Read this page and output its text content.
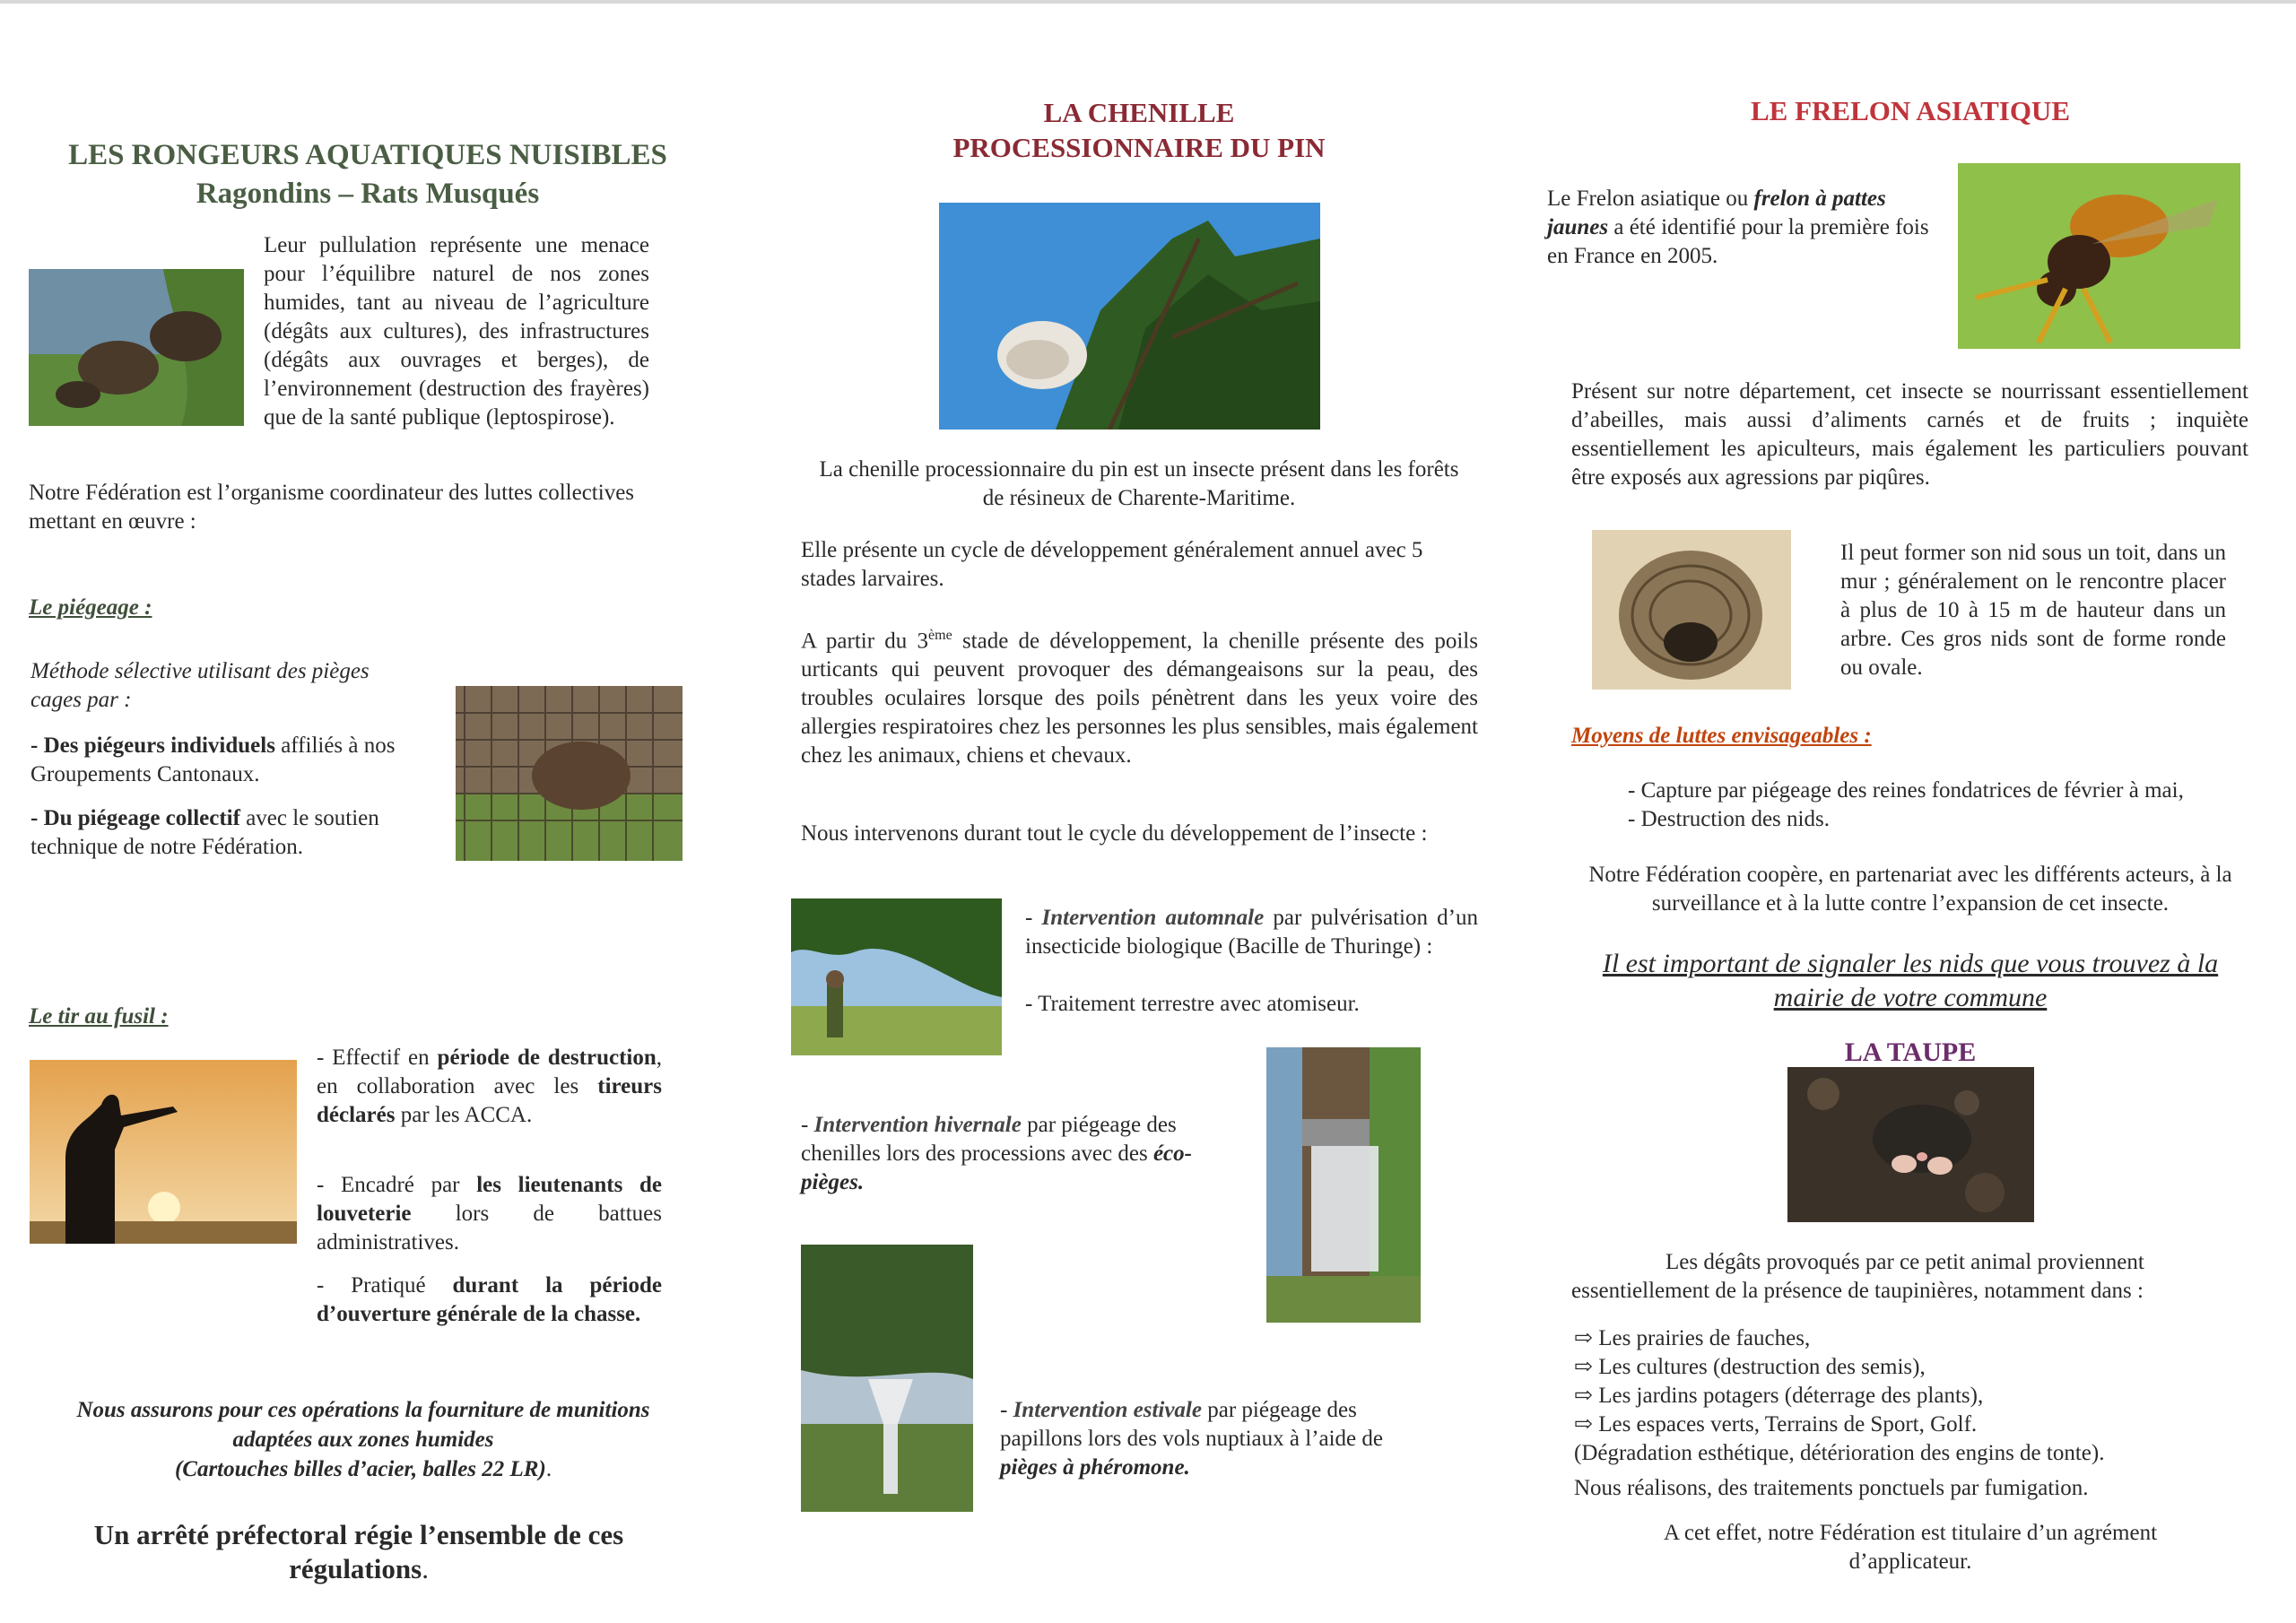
LES RONGEURS AQUATIQUES NUISIBLES
Ragondins – Rats Musqués
Leur pullulation représente une menace pour l’équilibre naturel de nos zones humides, tant au niveau de l’agriculture (dégâts aux cultures), des infrastructures (dégâts aux ouvrages et berges), de l’environnement (destruction des frayères) que de la santé publique (leptospirose).
Notre Fédération est l’organisme coordinateur des luttes collectives mettant en œuvre :
Le piégeage :
Méthode sélective utilisant des pièges cages par :
- Des piégeurs individuels affiliés à nos Groupements Cantonaux.
- Du piégeage collectif avec le soutien technique de notre Fédération.
Le tir au fusil :
- Effectif en période de destruction, en collaboration avec les tireurs déclarés par les ACCA.
- Encadré par les lieutenants de louveterie lors de battues administratives.
- Pratiqué durant la période d’ouverture générale de la chasse.
Nous assurons pour ces opérations la fourniture de munitions adaptées aux zones humides
(Cartouches billes d’acier, balles 22 LR).
Un arrêté préfectoral régie l’ensemble de ces régulations.
LA CHENILLE
PROCESSIONNAIRE DU PIN
La chenille processionnaire du pin est un insecte présent dans les forêts de résineux de Charente-Maritime.
Elle présente un cycle de développement généralement annuel avec 5 stades larvaires.
A partir du 3ème stade de développement, la chenille présente des poils urticants qui peuvent provoquer des démangeaisons sur la peau, des troubles oculaires lorsque des poils pénètrent dans les yeux voire des allergies respiratoires chez les personnes les plus sensibles, mais également chez les animaux, chiens et chevaux.
Nous intervenons durant tout le cycle du développement de l’insecte :
- Intervention automnale par pulvérisation d’un insecticide biologique (Bacille de Thuringe) :
- Traitement terrestre avec atomiseur.
- Intervention hivernale par piégeage des chenilles lors des processions avec des éco-pièges.
- Intervention estivale par piégeage des papillons lors des vols nuptiaux à l’aide de pièges à phéromone.
LE FRELON ASIATIQUE
Le Frelon asiatique ou frelon à pattes jaunes a été identifié pour la première fois en France en 2005.
Présent sur notre département, cet insecte se nourrissant essentiellement d’abeilles, mais aussi d’aliments carnés et de fruits ; inquiète essentiellement les apiculteurs, mais également les particuliers pouvant être exposés aux agressions par piqûres.
Il peut former son nid sous un toit, dans un mur ; généralement on le rencontre placer à plus de 10 à 15 m de hauteur dans un arbre. Ces gros nids sont de forme ronde ou ovale.
Moyens de luttes envisageables :
- Capture par piégeage des reines fondatrices de février à mai,
- Destruction des nids.
Notre Fédération coopère, en partenariat avec les différents acteurs, à la surveillance et à la lutte contre l’expansion de cet insecte.
Il est important de signaler les nids que vous trouvez à la mairie de votre commune
LA TAUPE
Les dégâts provoqués par ce petit animal proviennent essentiellement de la présence de taupinières, notamment dans :
⇨ Les prairies de fauches,
⇨ Les cultures (destruction des semis),
⇨ Les jardins potagers (déterrage des plants),
⇨ Les espaces verts, Terrains de Sport, Golf.
(Dégradation esthétique, détérioration des engins de tonte).
Nous réalisons, des traitements ponctuels par fumigation.
A cet effet, notre Fédération est titulaire d’un agrément d’applicateur.
